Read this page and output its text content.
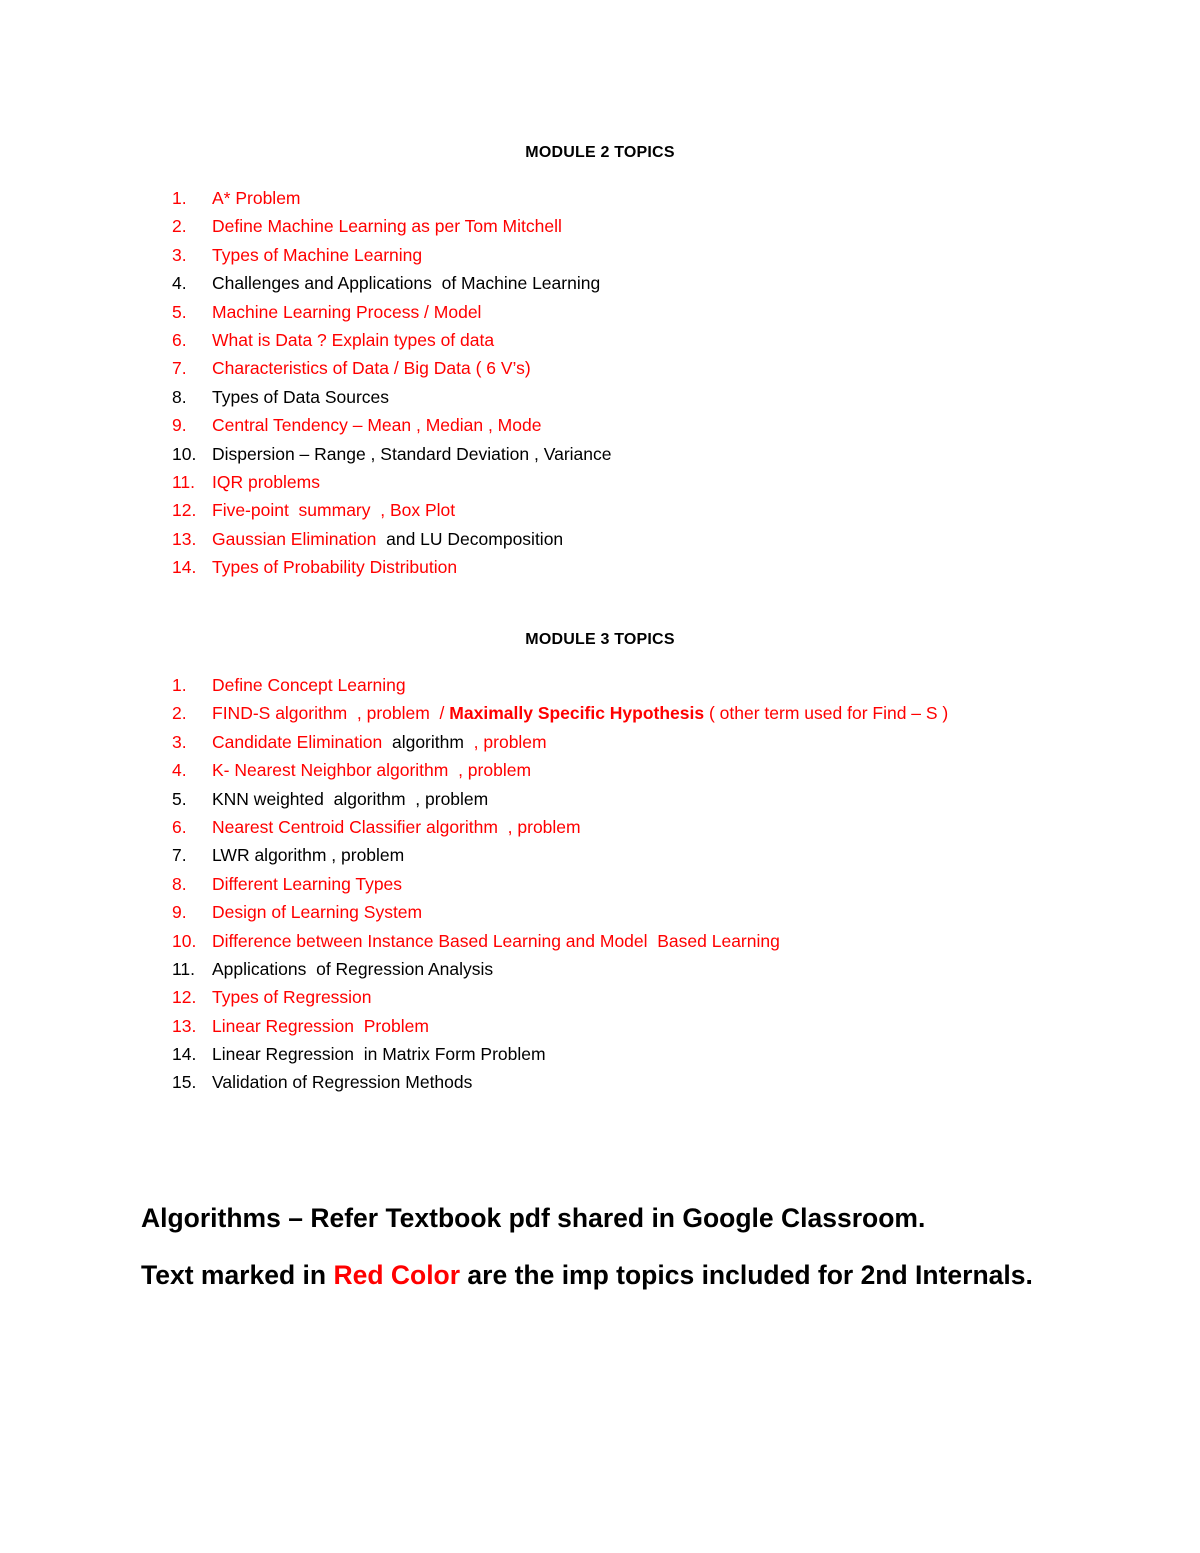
MODULE 2 TOPICS
1. A* Problem
2. Define Machine Learning as per Tom Mitchell
3. Types of Machine Learning
4. Challenges and Applications  of Machine Learning
5. Machine Learning Process / Model
6. What is Data ? Explain types of data
7. Characteristics of Data / Big Data ( 6 V’s)
8. Types of Data Sources
9. Central Tendency – Mean , Median , Mode
10. Dispersion – Range , Standard Deviation , Variance
11. IQR problems
12. Five-point  summary  , Box Plot
13. Gaussian Elimination  and LU Decomposition
14. Types of Probability Distribution
MODULE 3 TOPICS
1. Define Concept Learning
2. FIND-S algorithm  , problem  / Maximally Specific Hypothesis ( other term used for Find – S )
3. Candidate Elimination  algorithm  , problem
4. K- Nearest Neighbor algorithm  , problem
5. KNN weighted  algorithm  , problem
6. Nearest Centroid Classifier algorithm  , problem
7. LWR algorithm , problem
8. Different Learning Types
9. Design of Learning System
10. Difference between Instance Based Learning and Model  Based Learning
11. Applications  of Regression Analysis
12. Types of Regression
13. Linear Regression  Problem
14. Linear Regression  in Matrix Form Problem
15. Validation of Regression Methods
Algorithms – Refer Textbook pdf shared in Google Classroom.
Text marked in Red Color are the imp topics included for 2nd Internals.
